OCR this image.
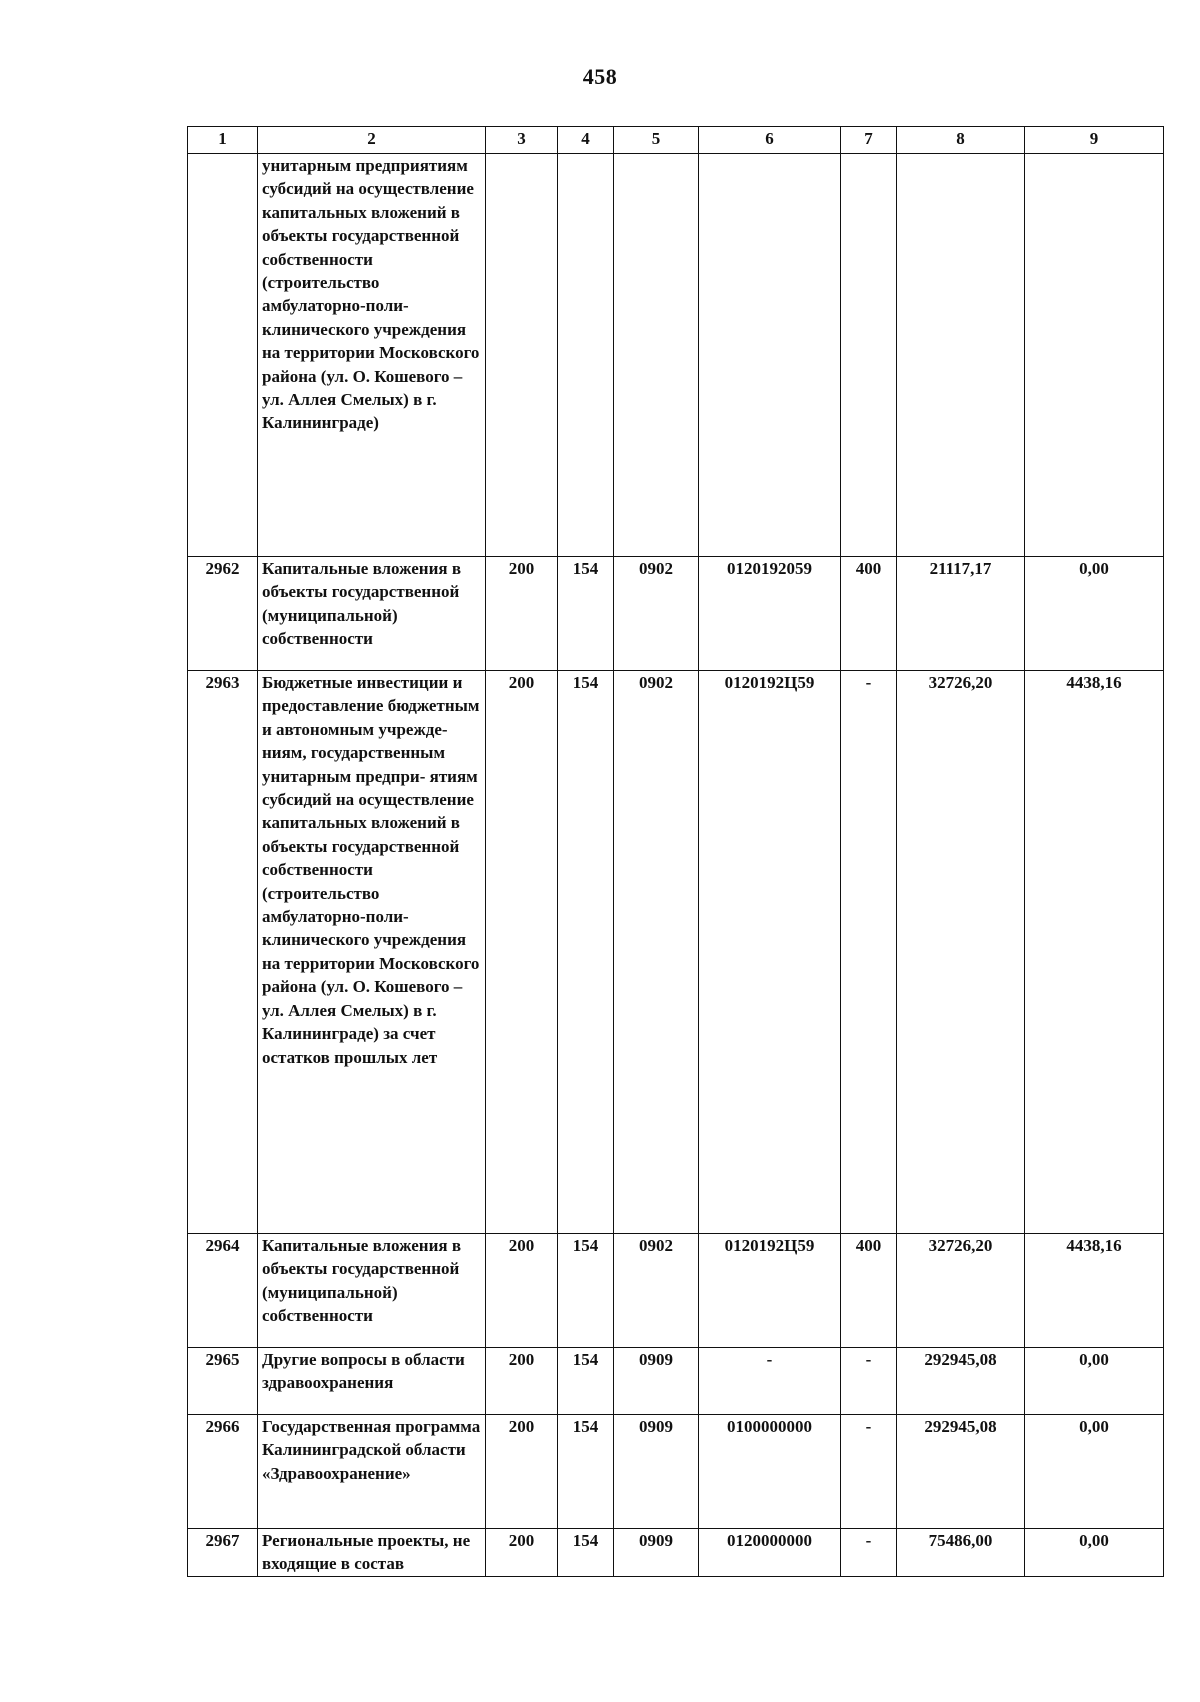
458
1	2	3	4	5	6	7	8	9
	унитарным предприятиям субсидий на осуществление капитальных вложений в объекты государственной собственности (строительство амбулаторно-поли- клинического учреждения на территории Московского района (ул. О. Кошевого – ул. Аллея Смелых) в г. Калининграде)							
2962	Капитальные вложения в объекты государственной (муниципальной) собственности	200	154	0902	0120192059	400	21117,17	0,00
2963	Бюджетные инвестиции и предоставление бюджетным и автономным учрежде- ниям, государственным унитарным предпри- ятиям субсидий на осуществление капитальных вложений в объекты государственной собственности (строительство амбулаторно-поли- клинического учреждения на территории Московского района (ул. О. Кошевого – ул. Аллея Смелых) в г. Калининграде) за счет остатков прошлых лет	200	154	0902	0120192Ц59	-	32726,20	4438,16
2964	Капитальные вложения в объекты государственной (муниципальной) собственности	200	154	0902	0120192Ц59	400	32726,20	4438,16
2965	Другие вопросы в области здравоохранения	200	154	0909	-	-	292945,08	0,00
2966	Государственная программа Калининградской области «Здравоохранение»	200	154	0909	0100000000	-	292945,08	0,00
2967	Региональные проекты, не входящие в состав	200	154	0909	0120000000	-	75486,00	0,00
